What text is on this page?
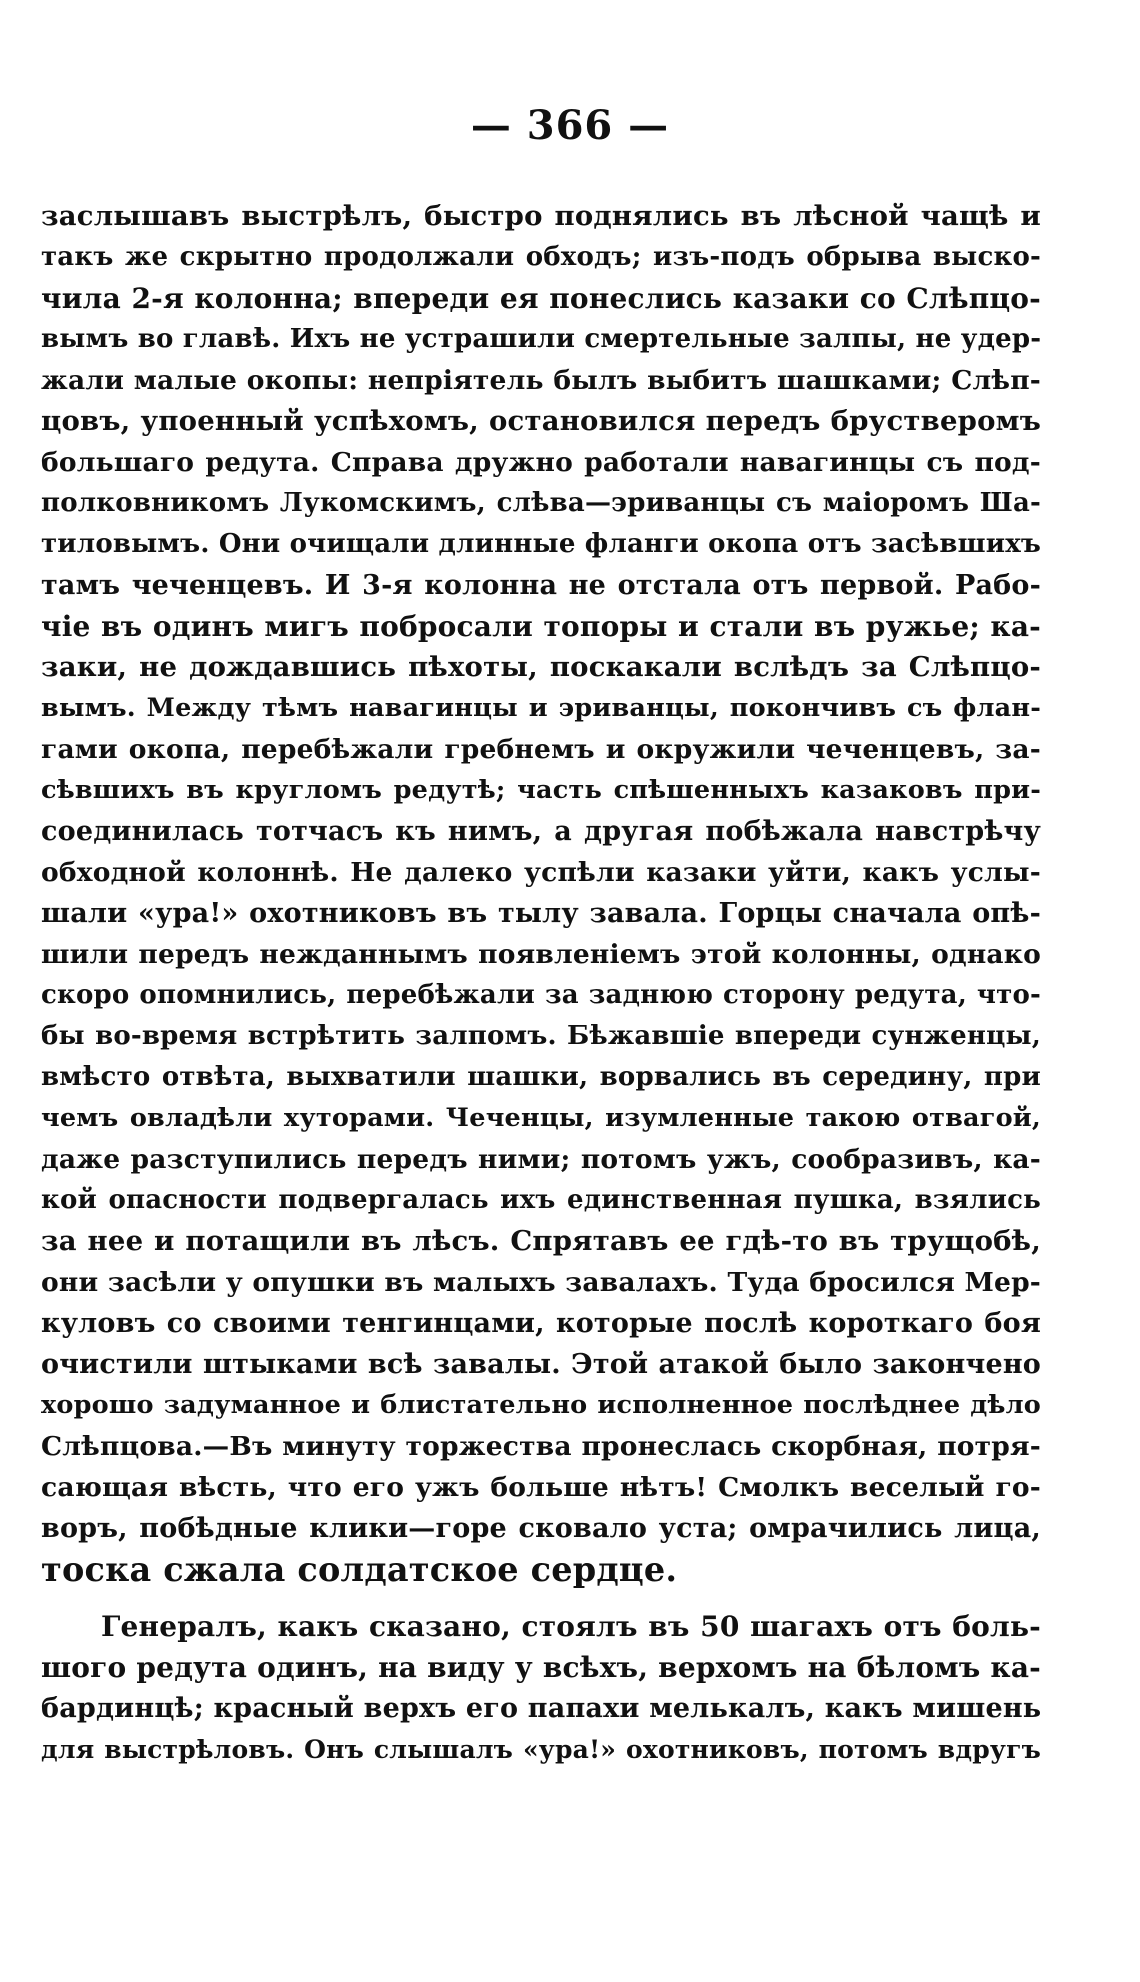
— 366 —
заслышавъ выстрѣлъ, быстро поднялись въ лѣсной чащѣ и
такъ же скрытно продолжали обходъ; изъ-подъ обрыва выско-
чила 2-я колонна; впереди ея понеслись казаки со Слѣпцо-
вымъ во главѣ. Ихъ не устрашили смертельные залпы, не удер-
жали малые окопы: непріятель былъ выбитъ шашками; Слѣп-
цовъ, упоенный успѣхомъ, остановился передъ брустверомъ
большаго редута. Справа дружно работали навагинцы съ под-
полковникомъ Лукомскимъ, слѣва—эриванцы съ маіоромъ Ша-
тиловымъ. Они очищали длинные фланги окопа отъ засѣвшихъ
тамъ чеченцевъ. И 3-я колонна не отстала отъ первой. Рабо-
чіе въ одинъ мигъ побросали топоры и стали въ ружье; ка-
заки, не дождавшись пѣхоты, поскакали вслѣдъ за Слѣпцо-
вымъ. Между тѣмъ навагинцы и эриванцы, покончивъ съ флан-
гами окопа, перебѣжали гребнемъ и окружили чеченцевъ, за-
сѣвшихъ въ кругломъ редутѣ; часть спѣшенныхъ казаковъ при-
соединилась тотчасъ къ нимъ, а другая побѣжала навстрѣчу
обходной колоннѣ. Не далеко успѣли казаки уйти, какъ услы-
шали «ура!» охотниковъ въ тылу завала. Горцы сначала опѣ-
шили передъ нежданнымъ появленіемъ этой колонны, однако
скоро опомнились, перебѣжали за заднюю сторону редута, что-
бы во-время встрѣтить залпомъ. Бѣжавшіе впереди сунженцы,
вмѣсто отвѣта, выхватили шашки, ворвались въ середину, при
чемъ овладѣли хуторами. Чеченцы, изумленные такою отвагой,
даже разступились передъ ними; потомъ ужъ, сообразивъ, ка-
кой опасности подвергалась ихъ единственная пушка, взялись
за нее и потащили въ лѣсъ. Спрятавъ ее гдѣ-то въ трущобѣ,
они засѣли у опушки въ малыхъ завалахъ. Туда бросился Мер-
куловъ со своими тенгинцами, которые послѣ короткаго боя
очистили штыками всѣ завалы. Этой атакой было закончено
хорошо задуманное и блистательно исполненное послѣднее дѣло
Слѣпцова.—Въ минуту торжества пронеслась скорбная, потря-
сающая вѣсть, что его ужъ больше нѣтъ! Смолкъ веселый го-
воръ, побѣдные клики—горе сковало уста; омрачились лица,
тоска сжала солдатское сердце.
Генералъ, какъ сказано, стоялъ въ 50 шагахъ отъ боль-
шого редута одинъ, на виду у всѣхъ, верхомъ на бѣломъ ка-
бардинцѣ; красный верхъ его папахи мелькалъ, какъ мишень
для выстрѣловъ. Онъ слышалъ «ура!» охотниковъ, потомъ вдругъ
